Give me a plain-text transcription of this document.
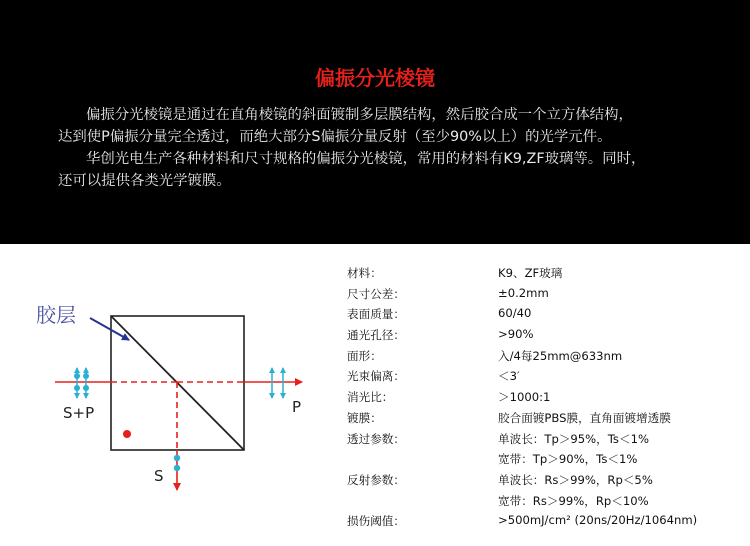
偏振分光棱镜

偏振分光棱镜是通过在直角棱镜的斜面镀制多层膜结构，然后胶合成一个立方体结构，

达到使P偏振分量完全透过，而绝大部分S偏振分量反射（至少90%以上）的光学元件。

华创光电生产各种材料和尺寸规格的偏振分光棱镜，常用的材料有K9,ZF玻璃等。同时，

还可以提供各类光学镀膜。

胶层
S+P	P
S
材料：	K9、ZF玻璃
尺寸公差：	±0.2mm
表面质量：	60/40
通光孔径：	>90%
面形：	入/4每25mm@633nm
光束偏离：	＜3′
消光比：	＞1000:1
镀膜：	胶合面镀PBS膜，直角面镀增透膜
透过参数：	单波长：Tp＞95%，Ts＜1%
宽带：Tp＞90%，Ts＜1%
反射参数：	单波长：Rs＞99%，Rp＜5%
宽带：Rs＞99%，Rp＜10%
损伤阈值：	>500mJ/cm² (20ns/20Hz/1064nm)
